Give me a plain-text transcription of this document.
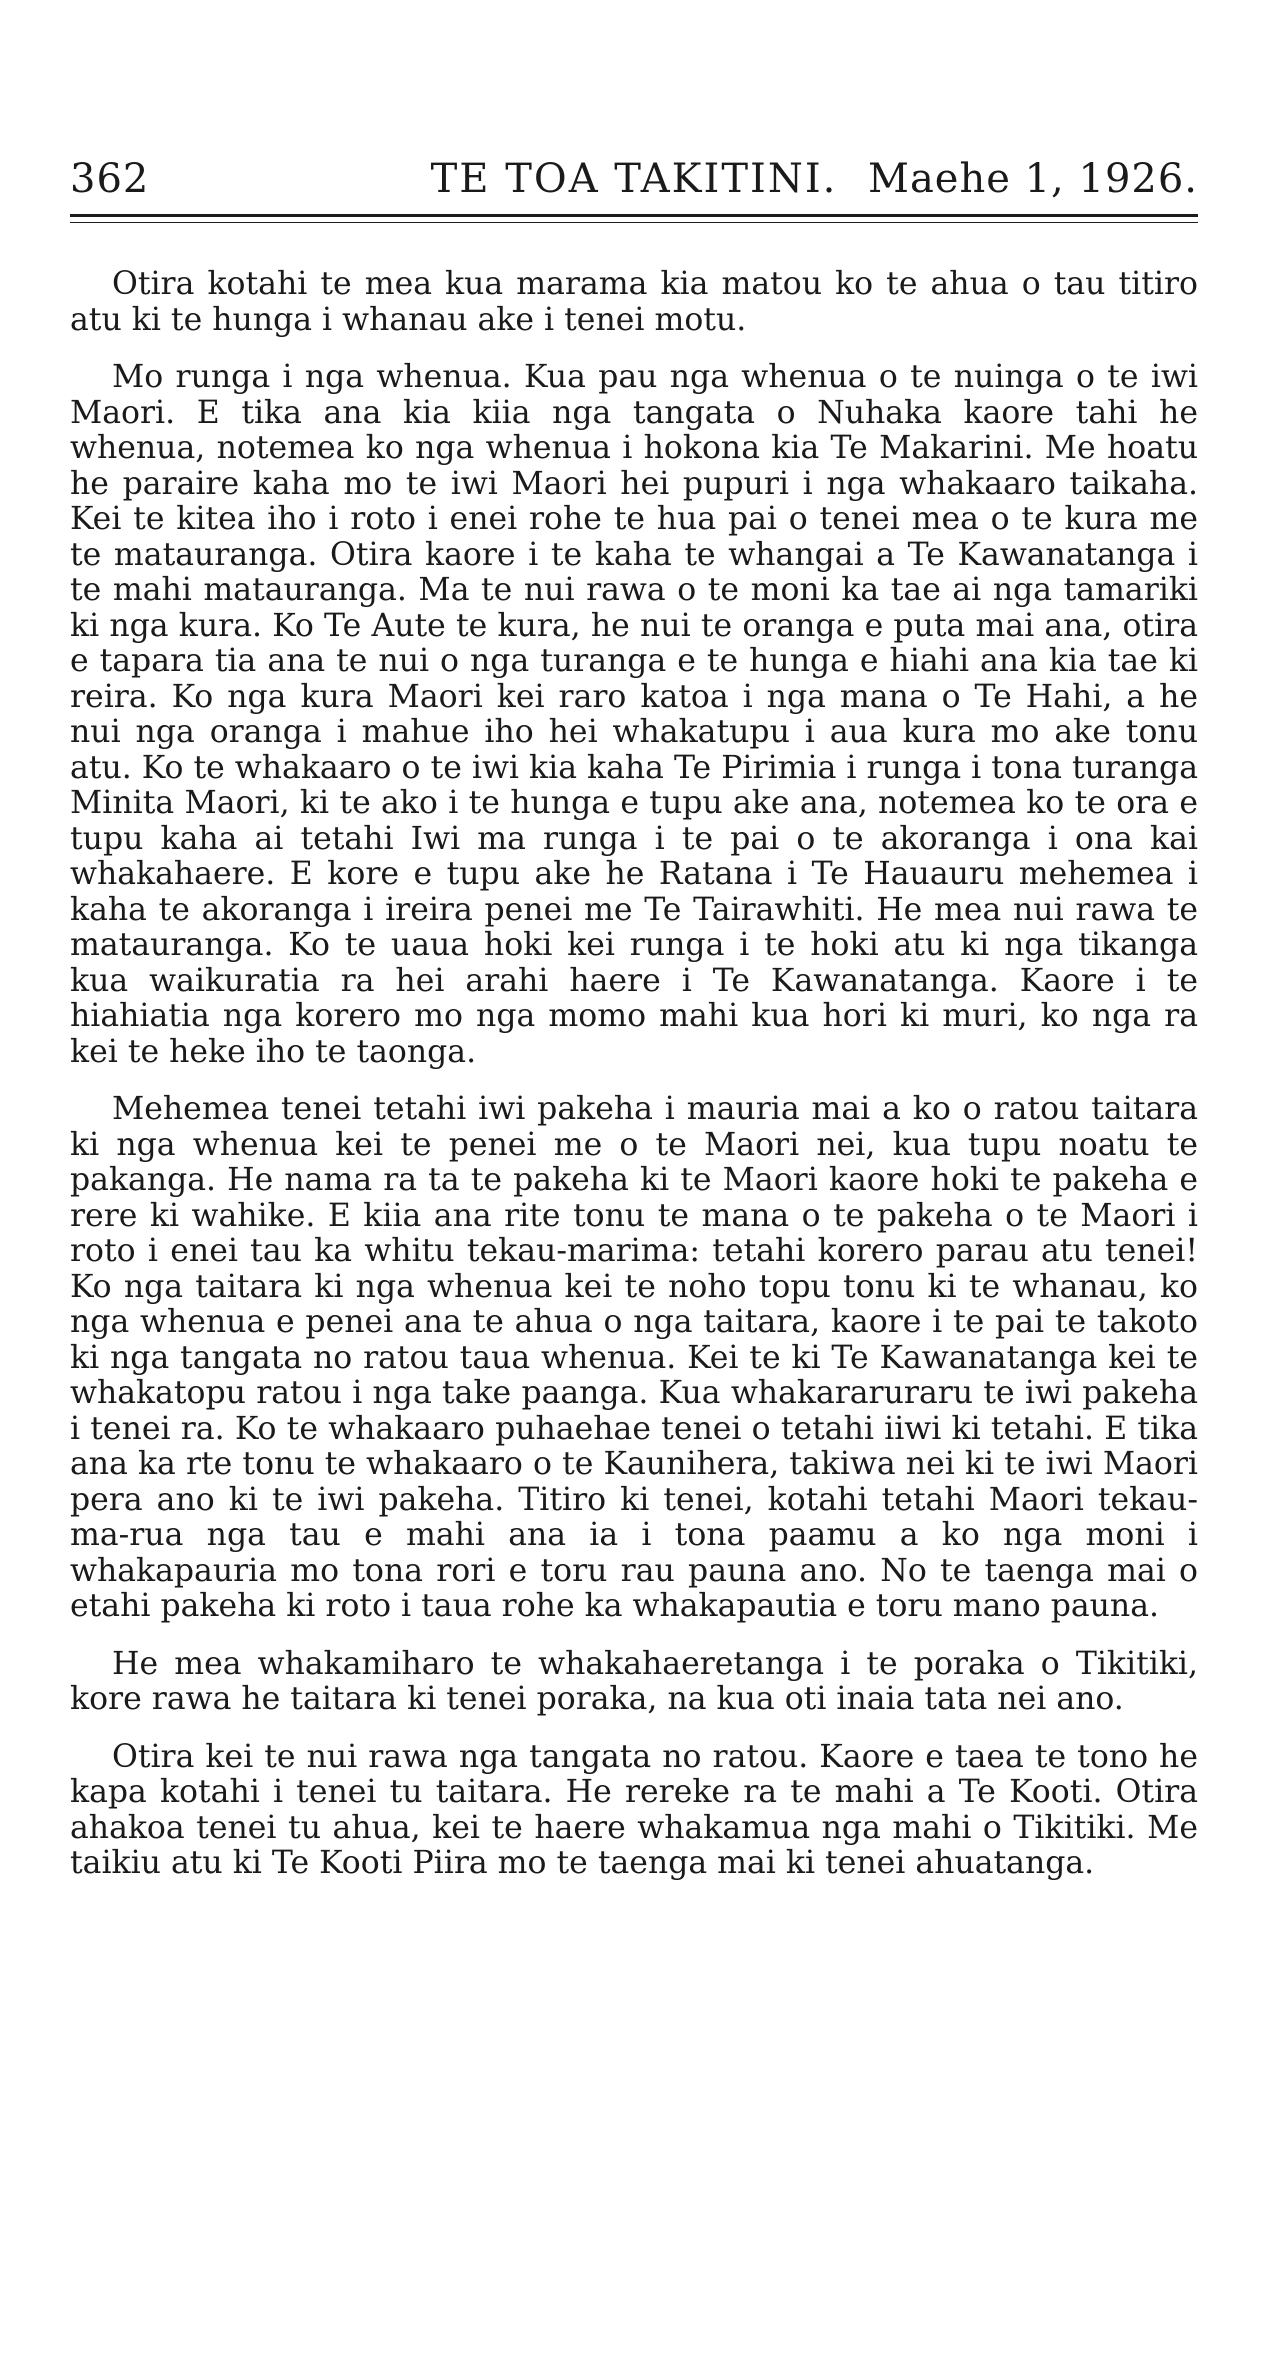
362	TE TOA TAKITINI. Maehe 1, 1926.

Otira kotahi te mea kua marama kia matou ko te ahua o tau titiro atu ki te hunga i whanau ake i tenei motu.

Mo runga i nga whenua. Kua pau nga whenua o te nuinga o te iwi Maori. E tika ana kia kiia nga tangata o Nuhaka kaore tahi he whenua, notemea ko nga whenua i hokona kia Te Makarini. Me hoatu he paraire kaha mo te iwi Maori hei pupuri i nga whakaaro taikaha. Kei te kitea iho i roto i enei rohe te hua pai o tenei mea o te kura me te matauranga. Otira kaore i te kaha te whangai a Te Kawanatanga i te mahi matauranga. Ma te nui rawa o te moni ka tae ai nga tamariki ki nga kura. Ko Te Aute te kura, he nui te oranga e puta mai ana, otira e tapara tia ana te nui o nga turanga e te hunga e hiahi ana kia tae ki reira. Ko nga kura Maori kei raro katoa i nga mana o Te Hahi, a he nui nga oranga i mahue iho hei whakatupu i aua kura mo ake tonu atu. Ko te whakaaro o te iwi kia kaha Te Pirimia i runga i tona turanga Minita Maori, ki te ako i te hunga e tupu ake ana, notemea ko te ora e tupu kaha ai tetahi Iwi ma runga i te pai o te akoranga i ona kai whakahaere. E kore e tupu ake he Ratana i Te Hauauru mehemea i kaha te akoranga i ireira penei me Te Tairawhiti. He mea nui rawa te matauranga. Ko te uaua hoki kei runga i te hoki atu ki nga tikanga kua waikuratia ra hei arahi haere i Te Kawanatanga. Kaore i te hiahiatia nga korero mo nga momo mahi kua hori ki muri, ko nga ra kei te heke iho te taonga.

Mehemea tenei tetahi iwi pakeha i mauria mai a ko o ratou taitara ki nga whenua kei te penei me o te Maori nei, kua tupu noatu te pakanga. He nama ra ta te pakeha ki te Maori kaore hoki te pakeha e rere ki wahike. E kiia ana rite tonu te mana o te pakeha o te Maori i roto i enei tau ka whitu tekau-marima: tetahi korero parau atu tenei! Ko nga taitara ki nga whenua kei te noho topu tonu ki te whanau, ko nga whenua e penei ana te ahua o nga taitara, kaore i te pai te takoto ki nga tangata no ratou taua whenua. Kei te ki Te Kawanatanga kei te whakatopu ratou i nga take paanga. Kua whakararuraru te iwi pakeha i tenei ra. Ko te whakaaro puhaehae tenei o tetahi iiwi ki tetahi. E tika ana ka rte tonu te whakaaro o te Kaunihera, takiwa nei ki te iwi Maori pera ano ki te iwi pakeha. Titiro ki tenei, kotahi tetahi Maori tekau-ma-rua nga tau e mahi ana ia i tona paamu a ko nga moni i whakapauria mo tona rori e toru rau pauna ano. No te taenga mai o etahi pakeha ki roto i taua rohe ka whakapautia e toru mano pauna.

He mea whakamiharo te whakahaeretanga i te poraka o Tikitiki, kore rawa he taitara ki tenei poraka, na kua oti inaia tata nei ano.

Otira kei te nui rawa nga tangata no ratou. Kaore e taea te tono he kapa kotahi i tenei tu taitara. He rereke ra te mahi a Te Kooti. Otira ahakoa tenei tu ahua, kei te haere whakamua nga mahi o Tikitiki. Me taikiu atu ki Te Kooti Piira mo te taenga mai ki tenei ahuatanga.
